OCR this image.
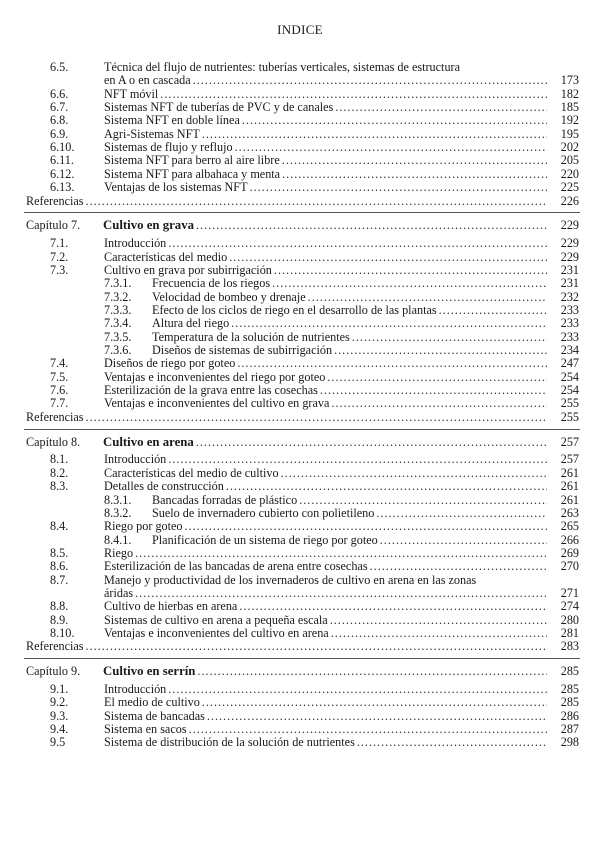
INDICE
6.5.	Técnica del flujo de nutrientes: tuberías verticales, sistemas de estructura
en A o en cascada .....	173
6.6.	NFT móvil .....	182
6.7.	Sistemas NFT de tuberías de PVC y de canales .....	185
6.8.	Sistema NFT en doble línea .....	192
6.9.	Agri-Sistemas NFT .....	195
6.10. Sistemas de flujo y reflujo .....	202
6.11. Sistema NFT para berro al aire libre .....	205
6.12. Sistema NFT para albahaca y menta .....	220
6.13. Ventajas de los sistemas NFT .....	225
Referencias .....	226
Capítulo 7. Cultivo en grava .....	229
7.1.	Introducción .....	229
7.2.	Características del medio .....	229
7.3.	Cultivo en grava por subirrigación .....	231
7.3.1. Frecuencia de los riegos .....	231
7.3.2. Velocidad de bombeo y drenaje .....	232
7.3.3. Efecto de los ciclos de riego en el desarrollo de las plantas .....	233
7.3.4. Altura del riego .....	233
7.3.5. Temperatura de la solución de nutrientes .....	233
7.3.6. Diseños de sistemas de subirrigación .....	234
7.4.	Diseños de riego por goteo .....	247
7.5.	Ventajas e inconvenientes del riego por goteo .....	254
7.6.	Esterilización de la grava entre las cosechas .....	254
7.7.	Ventajas e inconvenientes del cultivo en grava .....	255
Referencias .....	255
Capítulo 8. Cultivo en arena .....	257
8.1.	Introducción .....	257
8.2.	Características del medio de cultivo .....	261
8.3.	Detalles de construcción .....	261
8.3.1. Bancadas forradas de plástico .....	261
8.3.2. Suelo de invernadero cubierto con polietileno .....	263
8.4.	Riego por goteo .....	265
8.4.1. Planificación de un sistema de riego por goteo .....	266
8.5.	Riego .....	269
8.6.	Esterilización de las bancadas de arena entre cosechas .....	270
8.7.	Manejo y productividad de los invernaderos de cultivo en arena en las zonas
áridas .....	271
8.8.	Cultivo de hierbas en arena .....	274
8.9.	Sistemas de cultivo en arena a pequeña escala .....	280
8.10. Ventajas e inconvenientes del cultivo en arena .....	281
Referencias .....	283
Capítulo 9. Cultivo en serrín .....	285
9.1.	Introducción .....	285
9.2.	El medio de cultivo .....	285
9.3.	Sistema de bancadas .....	286
9.4.	Sistema en sacos .....	287
9.5	Sistema de distribución de la solución de nutrientes .....	298
